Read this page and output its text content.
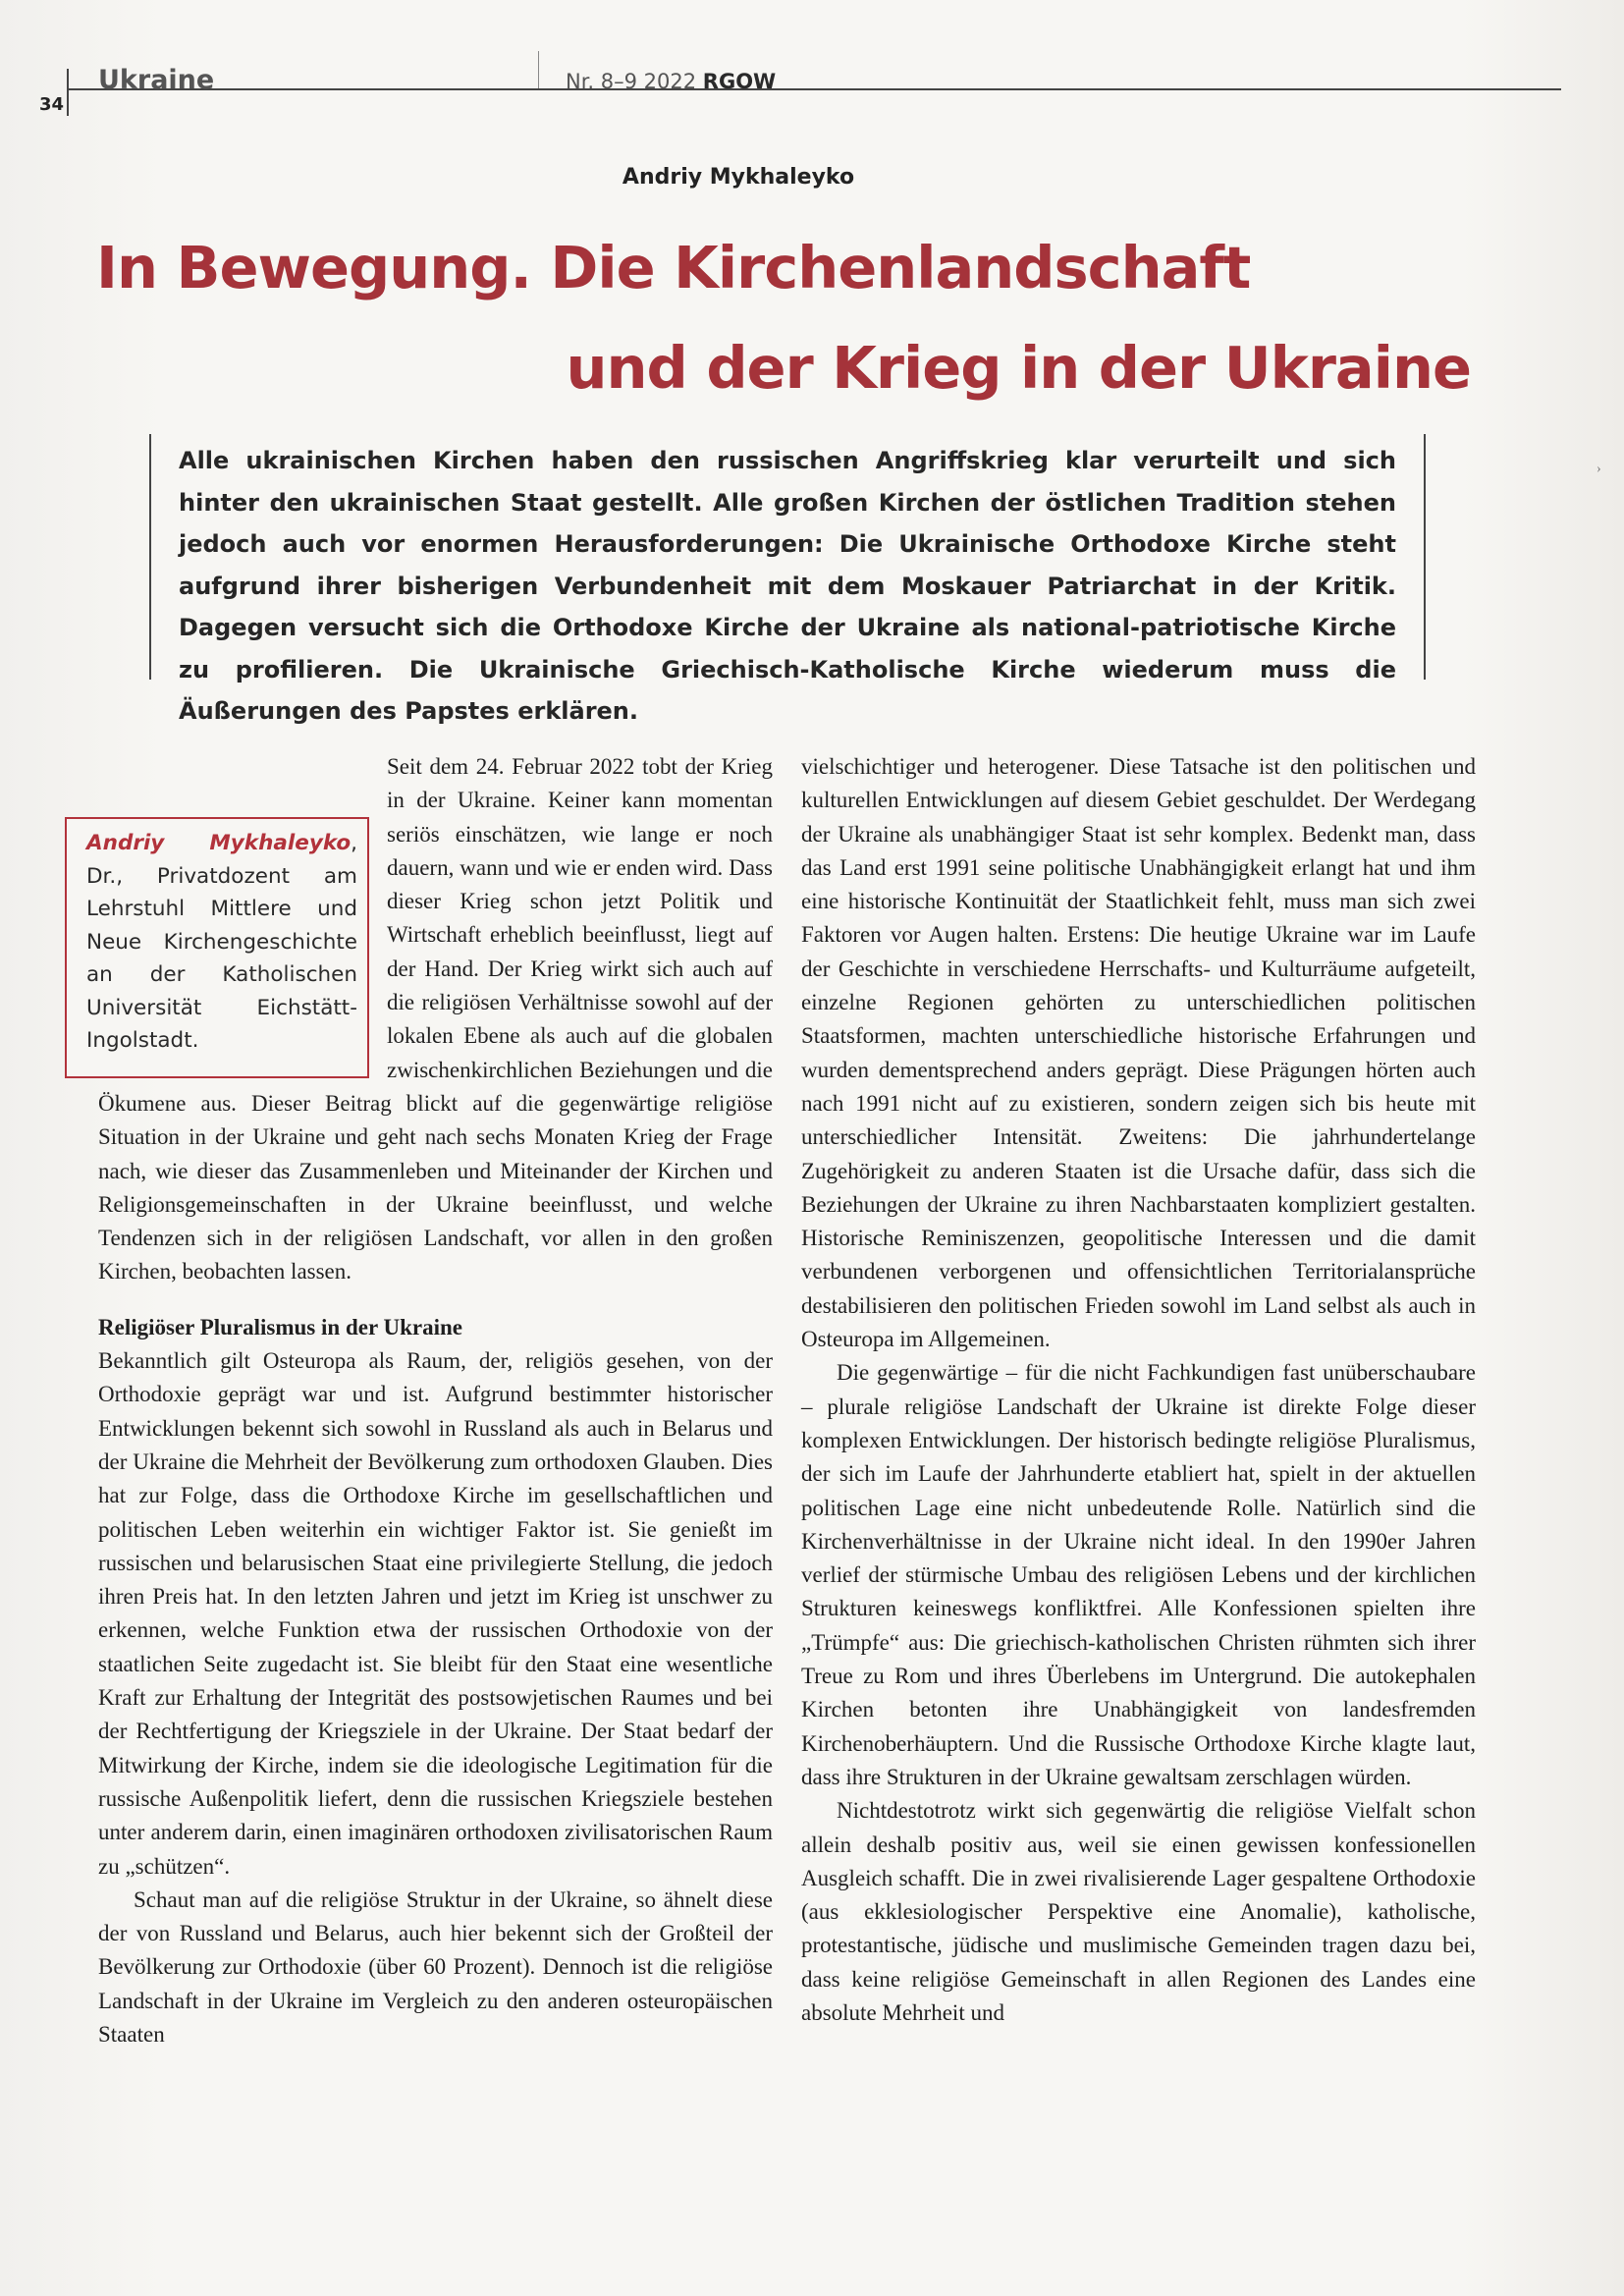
Ukraine
34
Nr. 8–9 2022 RGOW
Andriy Mykhaleyko
In Bewegung. Die Kirchenlandschaft
und der Krieg in der Ukraine

Alle ukrainischen Kirchen haben den russischen Angriffskrieg klar verurteilt und sich hinter den ukrainischen Staat gestellt. Alle großen Kirchen der östlichen Tradition stehen jedoch auch vor enormen Herausforderungen: Die Ukrainische Orthodoxe Kirche steht aufgrund ihrer bisherigen Verbundenheit mit dem Moskauer Patriarchat in der Kritik. Dagegen versucht sich die Orthodoxe Kirche der Ukraine als national-patriotische Kirche zu profilieren. Die Ukrainische Griechisch-Katholische Kirche wiederum muss die Äußerungen des Papstes erklären.

Andriy Mykhaleyko, Dr., Privatdozent am Lehrstuhl Mittlere und Neue Kirchengeschichte an der Katholischen Universität Eichstätt-Ingolstadt.

Seit dem 24. Februar 2022 tobt der Krieg in der Ukraine. Keiner kann momentan seriös einschätzen, wie lange er noch dauern, wann und wie er enden wird. Dass dieser Krieg schon jetzt Politik und Wirtschaft erheblich beeinflusst, liegt auf der Hand. Der Krieg wirkt sich auch auf die religiösen Verhältnisse sowohl auf der lokalen Ebene als auch auf die globalen zwischenkirchlichen Beziehungen und die Ökumene aus. Dieser Beitrag blickt auf die gegenwärtige religiöse Situation in der Ukraine und geht nach sechs Monaten Krieg der Frage nach, wie dieser das Zusammenleben und Miteinander der Kirchen und Religionsgemeinschaften in der Ukraine beeinflusst, und welche Tendenzen sich in der religiösen Landschaft, vor allen in den großen Kirchen, beobachten lassen.

Religiöser Pluralismus in der Ukraine

Bekanntlich gilt Osteuropa als Raum, der, religiös gesehen, von der Orthodoxie geprägt war und ist. Aufgrund bestimmter historischer Entwicklungen bekennt sich sowohl in Russland als auch in Belarus und der Ukraine die Mehrheit der Bevölkerung zum orthodoxen Glauben. Dies hat zur Folge, dass die Orthodoxe Kirche im gesellschaftlichen und politischen Leben weiterhin ein wichtiger Faktor ist. Sie genießt im russischen und belarusischen Staat eine privilegierte Stellung, die jedoch ihren Preis hat. In den letzten Jahren und jetzt im Krieg ist unschwer zu erkennen, welche Funktion etwa der russischen Orthodoxie von der staatlichen Seite zugedacht ist. Sie bleibt für den Staat eine wesentliche Kraft zur Erhaltung der Integrität des postsowjetischen Raumes und bei der Rechtfertigung der Kriegsziele in der Ukraine. Der Staat bedarf der Mitwirkung der Kirche, indem sie die ideologische Legitimation für die russische Außenpolitik liefert, denn die russischen Kriegsziele bestehen unter anderem darin, einen imaginären orthodoxen zivilisatorischen Raum zu „schützen“.

Schaut man auf die religiöse Struktur in der Ukraine, so ähnelt diese der von Russland und Belarus, auch hier bekennt sich der Großteil der Bevölkerung zur Orthodoxie (über 60 Prozent). Dennoch ist die religiöse Landschaft in der Ukraine im Vergleich zu den anderen osteuropäischen Staaten

vielschichtiger und heterogener. Diese Tatsache ist den politischen und kulturellen Entwicklungen auf diesem Gebiet geschuldet. Der Werdegang der Ukraine als unabhängiger Staat ist sehr komplex. Bedenkt man, dass das Land erst 1991 seine politische Unabhängigkeit erlangt hat und ihm eine historische Kontinuität der Staatlichkeit fehlt, muss man sich zwei Faktoren vor Augen halten. Erstens: Die heutige Ukraine war im Laufe der Geschichte in verschiedene Herrschafts- und Kulturräume aufgeteilt, einzelne Regionen gehörten zu unterschiedlichen politischen Staatsformen, machten unterschiedliche historische Erfahrungen und wurden dementsprechend anders geprägt. Diese Prägungen hörten auch nach 1991 nicht auf zu existieren, sondern zeigen sich bis heute mit unterschiedlicher Intensität. Zweitens: Die jahrhundertelange Zugehörigkeit zu anderen Staaten ist die Ursache dafür, dass sich die Beziehungen der Ukraine zu ihren Nachbarstaaten kompliziert gestalten. Historische Reminiszenzen, geopolitische Interessen und die damit verbundenen verborgenen und offensichtlichen Territorialansprüche destabilisieren den politischen Frieden sowohl im Land selbst als auch in Osteuropa im Allgemeinen.

Die gegenwärtige – für die nicht Fachkundigen fast unüberschaubare – plurale religiöse Landschaft der Ukraine ist direkte Folge dieser komplexen Entwicklungen. Der historisch bedingte religiöse Pluralismus, der sich im Laufe der Jahrhunderte etabliert hat, spielt in der aktuellen politischen Lage eine nicht unbedeutende Rolle. Natürlich sind die Kirchenverhältnisse in der Ukraine nicht ideal. In den 1990er Jahren verlief der stürmische Umbau des religiösen Lebens und der kirchlichen Strukturen keineswegs konfliktfrei. Alle Konfessionen spielten ihre „Trümpfe“ aus: Die griechisch-katholischen Christen rühmten sich ihrer Treue zu Rom und ihres Überlebens im Untergrund. Die autokephalen Kirchen betonten ihre Unabhängigkeit von landesfremden Kirchenoberhäuptern. Und die Russische Orthodoxe Kirche klagte laut, dass ihre Strukturen in der Ukraine gewaltsam zerschlagen würden.

Nichtdestotrotz wirkt sich gegenwärtig die religiöse Vielfalt schon allein deshalb positiv aus, weil sie einen gewissen konfessionellen Ausgleich schafft. Die in zwei rivalisierende Lager gespaltene Orthodoxie (aus ekklesiologischer Perspektive eine Anomalie), katholische, protestantische, jüdische und muslimische Gemeinden tragen dazu bei, dass keine religiöse Gemeinschaft in allen Regionen des Landes eine absolute Mehrheit und

›
